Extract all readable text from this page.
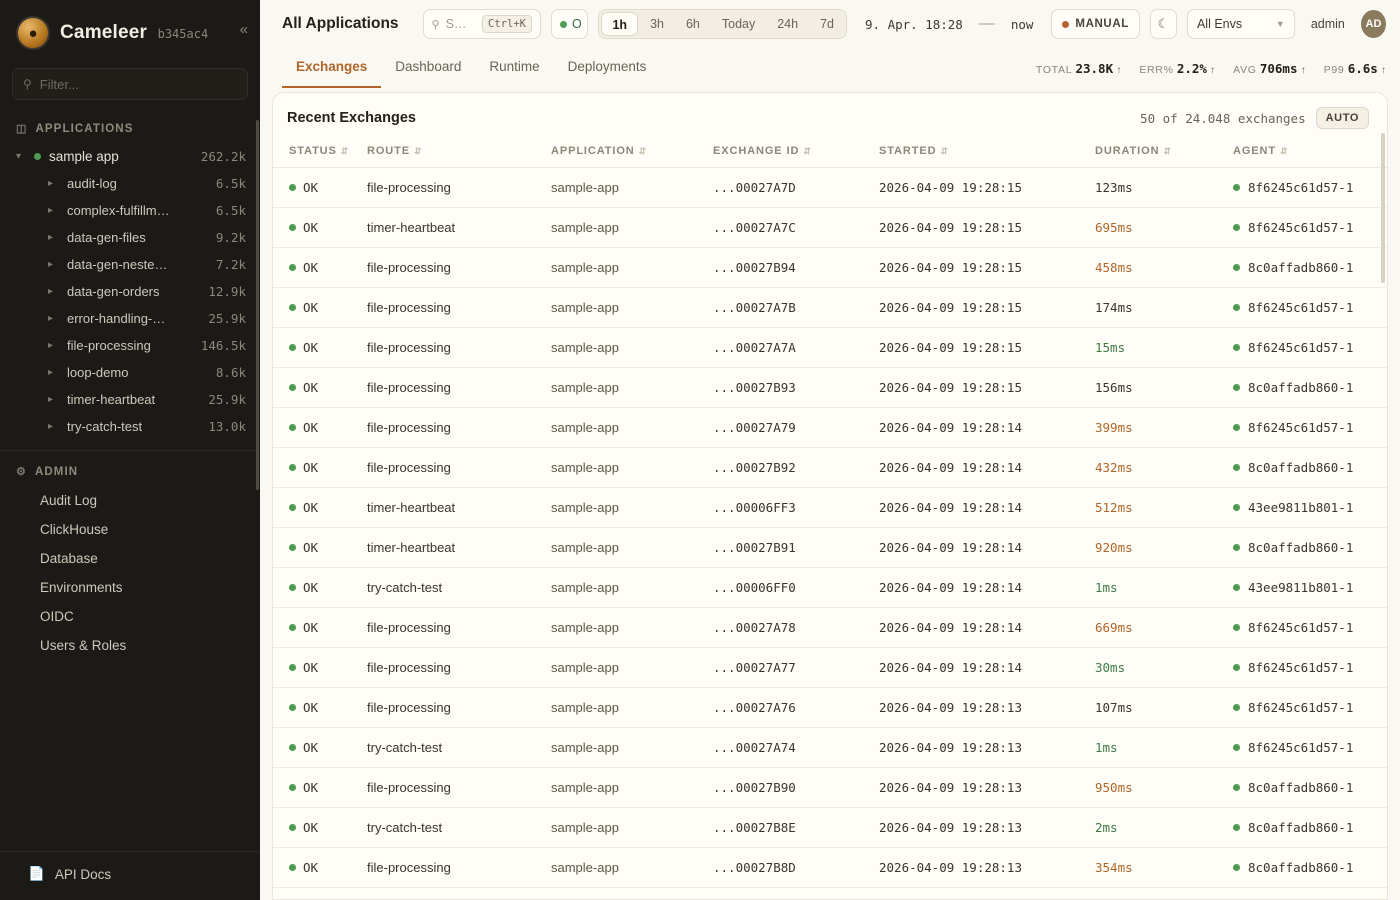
●	Cameleer b345ac4 «
⚲
Filter...
◫ APPLICATIONS
▾	sample app	262.2k
▸	audit-log	6.5k
▸	complex-fulfillm…	6.5k
▸	data-gen-files	9.2k
▸	data-gen-neste…	7.2k
▸	data-gen-orders	12.9k
▸	error-handling-…	25.9k
▸	file-processing	146.5k
▸	loop-demo	8.6k
▸	timer-heartbeat	25.9k
▸	try-catch-test	13.0k
⚙ ADMIN
Audit Log
ClickHouse
Database
Environments
OIDC
Users & Roles
📄 API Docs
All Applications	⚲ S…	Ctrl+K	O	1h	3h	6h	Today	24h	7d	9. Apr. 18:28 — now	MANUAL	☾	All Envs	▼ admin	AD
Exchanges	Dashboard	Runtime	Deployments	TOTAL 23.8K ↑ ERR% 2.2% ↑ AVG 706ms ↑ P99 6.6s ↑
Recent Exchanges	50 of 24.048 exchanges	AUTO
STATUS ⇵	ROUTE ⇵	APPLICATION ⇵	EXCHANGE ID ⇵	STARTED ⇵	DURATION ⇵	AGENT ⇵

OK	file-processing	sample-app	...00027A7D	2026-04-09 19:28:15	123ms	8f6245c61d57-1

OK	timer-heartbeat	sample-app	...00027A7C	2026-04-09 19:28:15	695ms	8f6245c61d57-1

OK	file-processing	sample-app	...00027B94	2026-04-09 19:28:15	458ms	8c0affadb860-1

OK	file-processing	sample-app	...00027A7B	2026-04-09 19:28:15	174ms	8f6245c61d57-1

OK	file-processing	sample-app	...00027A7A	2026-04-09 19:28:15	15ms	8f6245c61d57-1

OK	file-processing	sample-app	...00027B93	2026-04-09 19:28:15	156ms	8c0affadb860-1

OK	file-processing	sample-app	...00027A79	2026-04-09 19:28:14	399ms	8f6245c61d57-1

OK	file-processing	sample-app	...00027B92	2026-04-09 19:28:14	432ms	8c0affadb860-1

OK	timer-heartbeat	sample-app	...00006FF3	2026-04-09 19:28:14	512ms	43ee9811b801-1

OK	timer-heartbeat	sample-app	...00027B91	2026-04-09 19:28:14	920ms	8c0affadb860-1

OK	try-catch-test	sample-app	...00006FF0	2026-04-09 19:28:14	1ms	43ee9811b801-1

OK	file-processing	sample-app	...00027A78	2026-04-09 19:28:14	669ms	8f6245c61d57-1

OK	file-processing	sample-app	...00027A77	2026-04-09 19:28:14	30ms	8f6245c61d57-1

OK	file-processing	sample-app	...00027A76	2026-04-09 19:28:13	107ms	8f6245c61d57-1

OK	try-catch-test	sample-app	...00027A74	2026-04-09 19:28:13	1ms	8f6245c61d57-1

OK	file-processing	sample-app	...00027B90	2026-04-09 19:28:13	950ms	8c0affadb860-1

OK	try-catch-test	sample-app	...00027B8E	2026-04-09 19:28:13	2ms	8c0affadb860-1

OK	file-processing	sample-app	...00027B8D	2026-04-09 19:28:13	354ms	8c0affadb860-1
